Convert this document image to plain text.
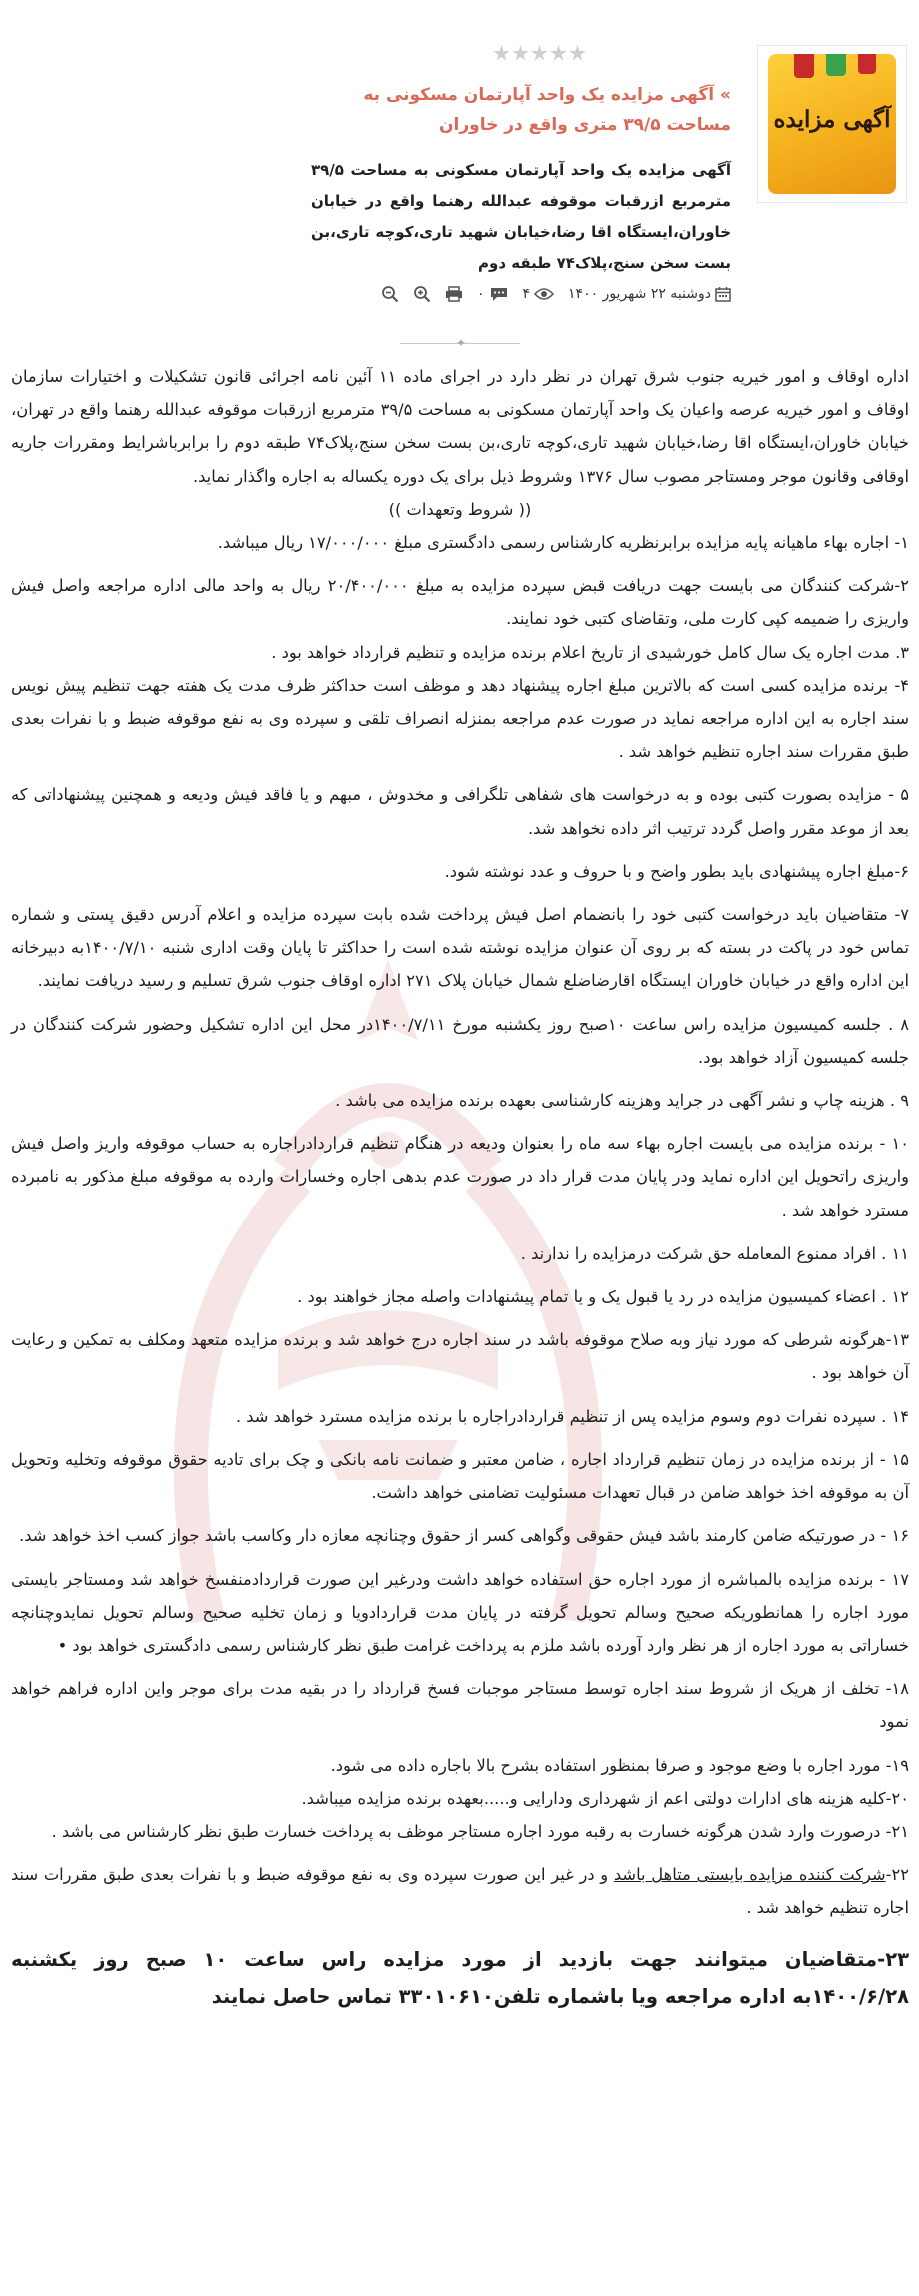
آگهی مزایده
» آگهی مزایده یک واحد آپارتمان مسکونی به مساحت ۳۹/۵ متری واقع در خاوران
آگهی مزایده یک واحد آپارتمان مسکونی به مساحت ۳۹/۵ مترمربع ازرقبات موقوفه عبدالله رهنما واقع در خیابان خاوران،ایستگاه اقا رضا،خیابان شهید تاری،کوچه تاری،بن بست سخن سنج،پلاک۷۴ طبقه دوم
دوشنبه ۲۲ شهریور ۱۴۰۰
۴
۰
✦

اداره اوقاف و امور خیریه جنوب شرق تهران در نظر دارد در اجرای ماده ۱۱ آئین نامه اجرائی قانون تشکیلات و اختیارات سازمان اوقاف و امور خیریه عرصه واعیان یک واحد آپارتمان مسکونی به مساحت ۳۹/۵ مترمربع ازرقبات موقوفه عبدالله رهنما واقع در تهران، خیابان خاوران،ایستگاه اقا رضا،خیابان شهید تاری،کوچه تاری،بن بست سخن سنج،پلاک۷۴ طبقه دوم را برابرباشرایط ومقررات جاریه اوقافی وقانون موجر ومستاجر مصوب سال ۱۳۷۶ وشروط ذیل برای یک دوره یکساله به اجاره واگذار نماید.

(( شروط وتعهدات ))

۱- اجاره بهاء ماهیانه پایه مزایده برابرنظریه کارشناس رسمی دادگستری مبلغ ۱۷/۰۰۰/۰۰۰ ریال میباشد.

۲-شرکت کنندگان می بایست جهت دریافت قبض سپرده مزایده به مبلغ ۲۰/۴۰۰/۰۰۰ ریال به واحد مالی اداره مراجعه واصل فیش واریزی را ضمیمه کپی کارت ملی، وتقاضای کتبی خود نمایند.

۳. مدت اجاره یک سال کامل خورشیدی از تاریخ اعلام برنده مزایده و تنظیم قرارداد خواهد بود .

۴- برنده مزایده کسی است که بالاترین مبلغ اجاره پیشنهاد دهد و موظف است حداکثر ظرف مدت یک هفته جهت تنظیم پیش نویس سند اجاره به این اداره مراجعه نماید در صورت عدم مراجعه بمنزله انصراف تلقی و سپرده وی به نفع موقوفه ضبط و با نفرات بعدی طبق مقررات سند اجاره تنظیم خواهد شد .

۵ - مزایده بصورت کتبی بوده و به درخواست های شفاهی تلگرافی و مخدوش ، مبهم و یا فاقد فیش ودیعه و همچنین پیشنهاداتی که بعد از موعد مقرر واصل گردد ترتیب اثر داده نخواهد شد.

۶-مبلغ اجاره پیشنهادی باید بطور واضح و با حروف و عدد نوشته شود.

۷- متقاضیان باید درخواست کتبی خود را بانضمام اصل فیش پرداخت شده بابت سپرده مزایده و اعلام آدرس دقیق پستی و شماره تماس خود در پاکت در بسته که بر روی آن عنوان مزایده نوشته شده است را حداکثر تا پایان وقت اداری شنبه ۱۴۰۰/۷/۱۰به دبیرخانه این اداره واقع در خیابان خاوران ایستگاه اقارضاضلع شمال خیابان پلاک ۲۷۱ اداره اوقاف جنوب شرق تسلیم و رسید دریافت نمایند.

۸ . جلسه کمیسیون مزایده راس ساعت ۱۰صبح روز یکشنبه مورخ ۱۴۰۰/۷/۱۱در محل این اداره تشکیل وحضور شرکت کنندگان در جلسه کمیسیون آزاد خواهد بود.

۹ . هزینه چاپ و نشر آگهی در جراید وهزینه کارشناسی بعهده برنده مزایده می باشد .

۱۰ - برنده مزایده می بایست اجاره بهاء سه ماه را بعنوان ودیعه در هنگام تنظیم قراردادراجاره به حساب موقوفه واریز واصل فیش واریزی راتحویل این اداره نماید ودر پایان مدت قرار داد در صورت عدم بدهی اجاره وخسارات وارده به موقوفه مبلغ مذکور به نامبرده مسترد خواهد شد .

۱۱ . افراد ممنوع المعامله حق شرکت درمزایده را ندارند .

۱۲ . اعضاء کمیسیون مزایده در رد یا قبول یک و یا تمام پیشنهادات واصله مجاز خواهند بود .

۱۳-هرگونه شرطی که مورد نیاز وبه صلاح موقوفه باشد در سند اجاره درج خواهد شد و برنده مزایده متعهد ومکلف به تمکین و رعایت آن خواهد بود .

۱۴ . سپرده نفرات دوم وسوم مزایده پس از تنظیم قراردادراجاره با برنده مزایده مسترد خواهد شد .

۱۵ - از برنده مزایده در زمان تنظیم قرارداد اجاره ، ضامن معتبر و ضمانت نامه بانکی و چک برای تادیه حقوق موقوفه وتخلیه وتحویل آن به موقوفه اخذ خواهد ضامن در قبال تعهدات مسئولیت تضامنی خواهد داشت.

۱۶ - در صورتیکه ضامن کارمند باشد فیش حقوقی وگواهی کسر از حقوق وچنانچه معازه دار وکاسب باشد جواز کسب اخذ خواهد شد.

۱۷ - برنده مزایده بالمباشره از مورد اجاره حق استفاده خواهد داشت ودرغیر این صورت قراردادمنفسخ خواهد شد ومستاجر بایستی مورد اجاره را همانطوریکه صحیح وسالم تحویل گرفته در پایان مدت قراردادویا و زمان تخلیه صحیح وسالم تحویل نمایدوچنانچه خساراتی به مورد اجاره از هر نظر وارد آورده باشد ملزم به پرداخت غرامت طبق نظر کارشناس رسمی دادگستری خواهد بود •

۱۸- تخلف از هریک از شروط سند اجاره توسط مستاجر موجبات فسخ قرارداد را در بقیه مدت برای موجر واین اداره فراهم خواهد نمود

۱۹- مورد اجاره با وضع موجود و صرفا بمنظور استفاده بشرح بالا باجاره داده می شود.

۲۰-کلیه هزینه های ادارات دولتی اعم از شهرداری ودارایی و.....بعهده برنده مزایده میباشد.

۲۱- درصورت وارد شدن هرگونه خسارت به رقبه مورد اجاره مستاجر موظف به پرداخت خسارت طبق نظر کارشناس می باشد .

۲۲-شرکت کننده مزایده بایستی متاهل باشد و در غیر این صورت سپرده وی به نفع موقوفه ضبط و با نفرات بعدی طبق مقررات سند اجاره تنظیم خواهد شد .

۲۳-متقاضیان میتوانند جهت بازدید از مورد مزایده راس ساعت ۱۰ صبح روز یکشنبه ۱۴۰۰/۶/۲۸به اداره مراجعه ویا باشماره تلفن۳۳۰۱۰۶۱۰ تماس حاصل نمایند
